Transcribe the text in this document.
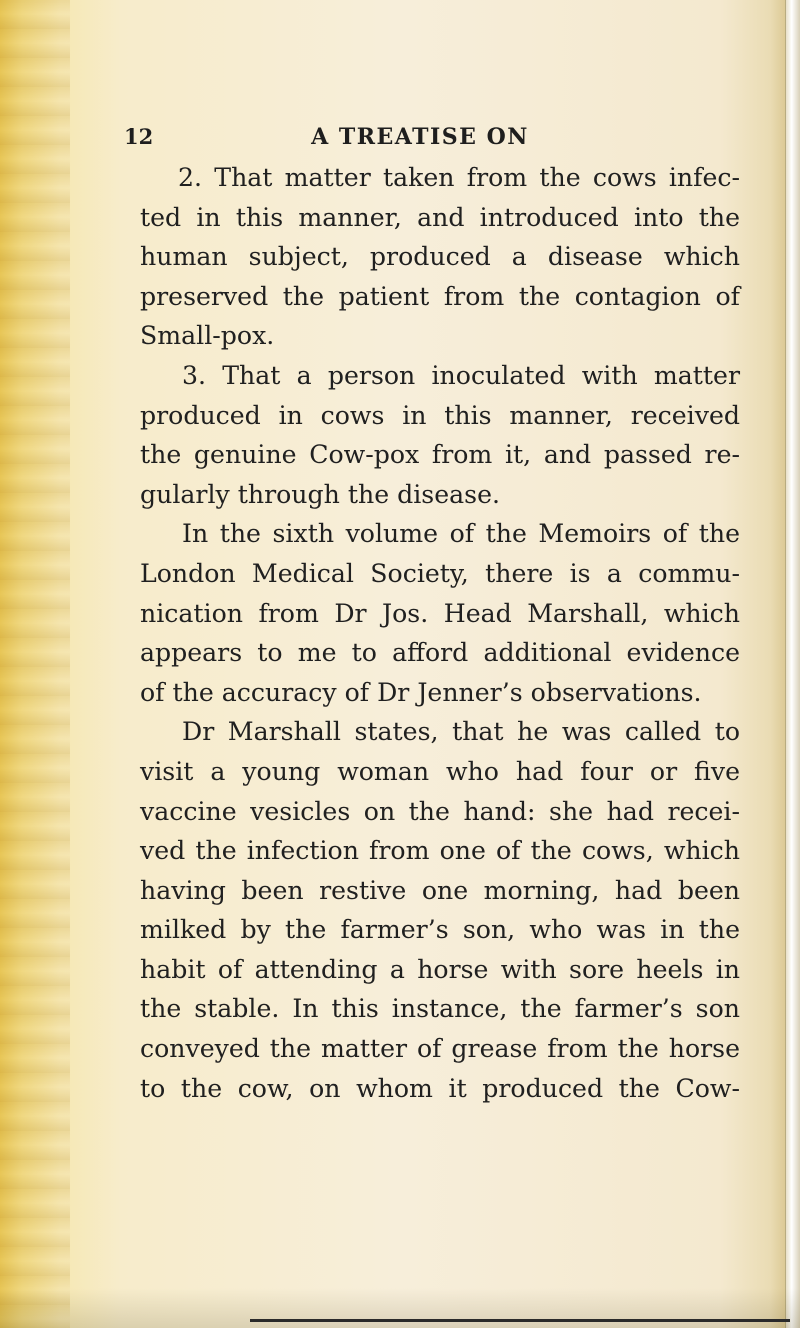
12	A TREATISE ON
2. That matter taken from the cows infec-
ted in this manner, and introduced into the
human subject, produced a disease which
preserved the patient from the contagion of
Small-pox.
3. That a person inoculated with matter
produced in cows in this manner, received
the genuine Cow-pox from it, and passed re-
gularly through the disease.
In the sixth volume of the Memoirs of the
London Medical Society, there is a commu-
nication from Dr Jos. Head Marshall, which
appears to me to afford additional evidence
of the accuracy of Dr Jenner’s observations.
Dr Marshall states, that he was called to
visit a young woman who had four or five
vaccine vesicles on the hand: she had recei-
ved the infection from one of the cows, which
having been restive one morning, had been
milked by the farmer’s son, who was in the
habit of attending a horse with sore heels in
the stable. In this instance, the farmer’s son
conveyed the matter of grease from the horse
to the cow, on whom it produced the Cow-
